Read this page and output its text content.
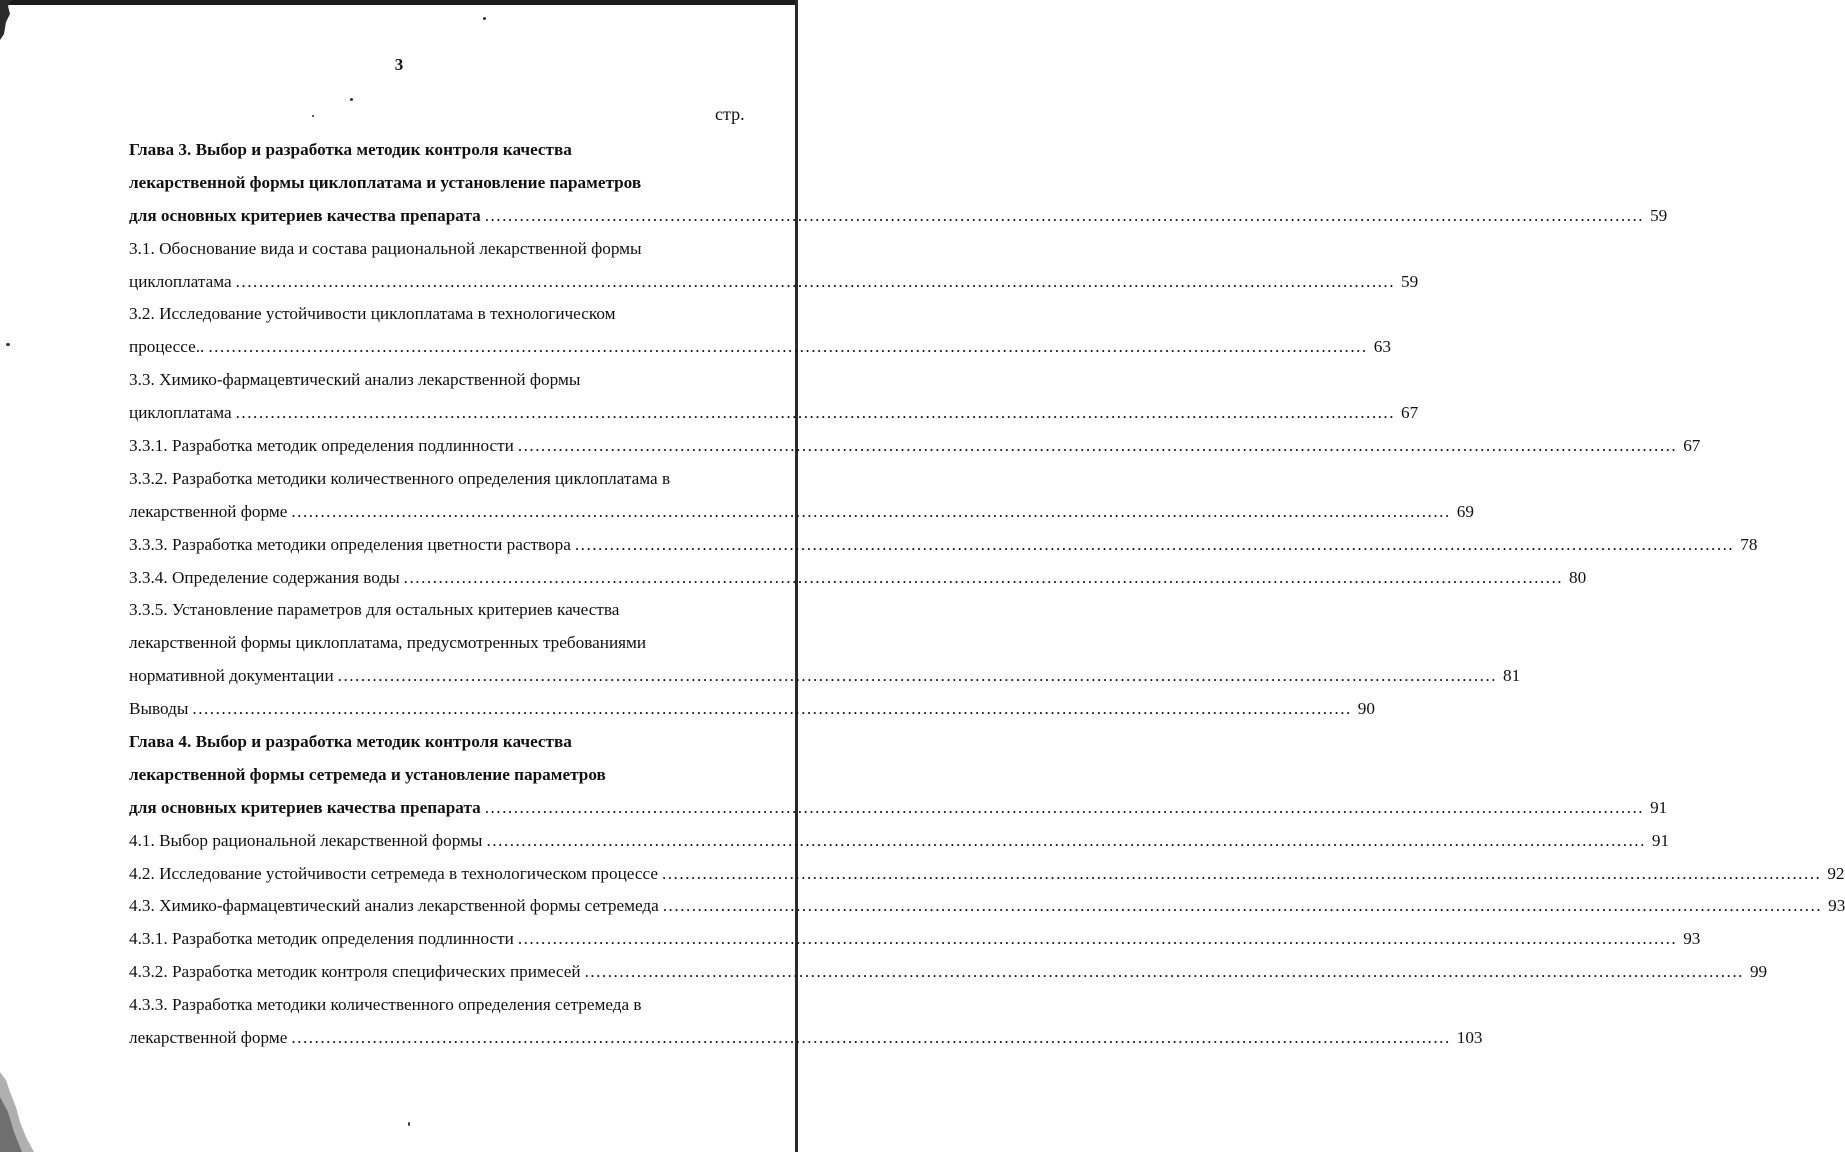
3
стр.
Глава 3. Выбор и разработка методик контроля качества
лекарственной формы циклоплатама и установление параметров
для основных критериев качества препарата ........................................................................................................................................................................................................ 59
3.1. Обоснование вида и состава рациональной лекарственной формы
циклоплатама ........................................................................................................................................................................................................ 59
3.2. Исследование устойчивости циклоплатама в технологическом
процессе.. ........................................................................................................................................................................................................ 63
3.3. Химико-фармацевтический анализ лекарственной формы
циклоплатама ........................................................................................................................................................................................................ 67
3.3.1. Разработка методик определения подлинности ........................................................................................................................................................................................................ 67
3.3.2. Разработка методики количественного определения циклоплатама в
лекарственной форме ........................................................................................................................................................................................................ 69
3.3.3. Разработка методики определения цветности раствора ........................................................................................................................................................................................................ 78
3.3.4. Определение содержания воды ........................................................................................................................................................................................................ 80
3.3.5. Установление параметров для остальных критериев качества
лекарственной формы циклоплатама, предусмотренных требованиями
нормативной документации ........................................................................................................................................................................................................ 81
Выводы ........................................................................................................................................................................................................ 90
Глава 4. Выбор и разработка методик контроля качества
лекарственной формы сетремеда и установление параметров
для основных критериев качества препарата ........................................................................................................................................................................................................ 91
4.1. Выбор рациональной лекарственной формы ........................................................................................................................................................................................................ 91
4.2. Исследование устойчивости сетремеда в технологическом процессе ........................................................................................................................................................................................................ 92
4.3. Химико-фармацевтический анализ лекарственной формы сетремеда ........................................................................................................................................................................................................ 93
4.3.1. Разработка методик определения подлинности ........................................................................................................................................................................................................ 93
4.3.2. Разработка методик контроля специфических примесей ........................................................................................................................................................................................................ 99
4.3.3. Разработка методики количественного определения сетремеда в
лекарственной форме ........................................................................................................................................................................................................ 103
